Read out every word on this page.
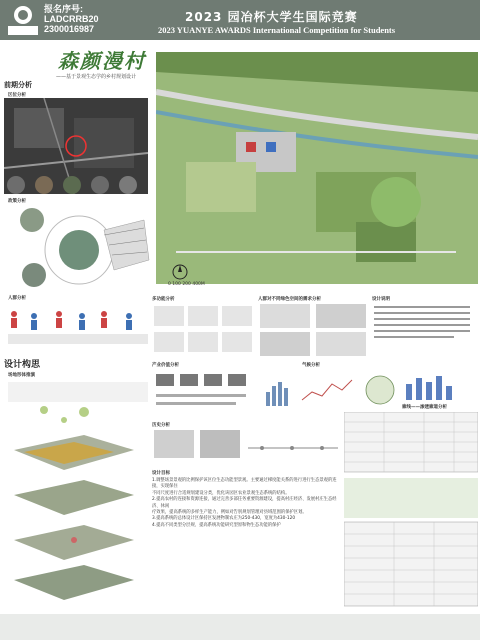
报名序号:
LADCRRB20
2300016987
2023 园冶杯大学生国际竞赛
2023 YUANYE AWARDS International Competition for Students
森颜漫村
——基于景观生态学的乡村规划设计
前期分析
区位分析
政策分析
人群分析
设计构思
场地形体推演
0 100 200 400M
多功能分析	人群对不同绿色空间的需求分析	设计说明
产业价值分析	气候分析
廊线——渗透廊道分析
历史分析
设计目标
1.调整场景景观的比例保护该区位生态功能型景观。主要通过梯度能关系的进行进行生态景观的连接，实现保住
不同尺度进行合适规划建设分类，优化该园区农业景观生态系统的结构。
2.提高农村的连接和资源连接，通过完善多部任务重要资源建设，提高村庄经济、发展村庄生态经济、休闲
疗效果，提高系统的多样生产能力，例如对告别规划管理对县域范围的保护区划。
3.提高系统的总体设计区保持区发展物制农庄为250-430，宽度为430-120
4.提高不同类型分层规、提高系统功能研究型原和物生态功能的保护
